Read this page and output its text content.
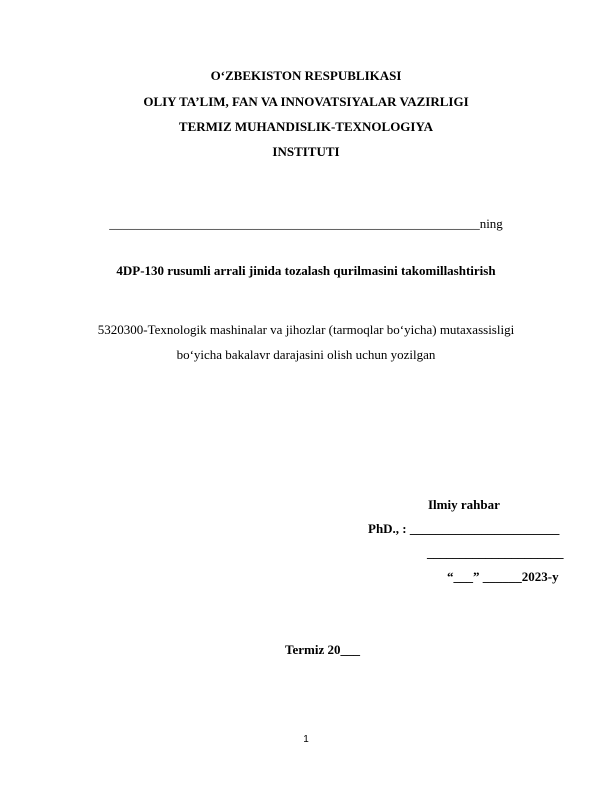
O‘ZBEKISTON RESPUBLIKASI
OLIY TA’LIM, FAN VA INNOVATSIYALAR VAZIRLIGI
TERMIZ MUHANDISLIK-TEXNOLOGIYA
INSTITUTI
_________________________________________________________ning
4DP-130 rusumli arrali jinida tozalash qurilmasini takomillashtirish
5320300-Texnologik mashinalar va jihozlar (tarmoqlar bo‘yicha) mutaxassisligi
bo‘yicha bakalavr darajasini olish uchun yozilgan
Ilmiy rahbar
PhD., : _______________________
_____________________
“___” ______2023-y
Termiz 20___
1
